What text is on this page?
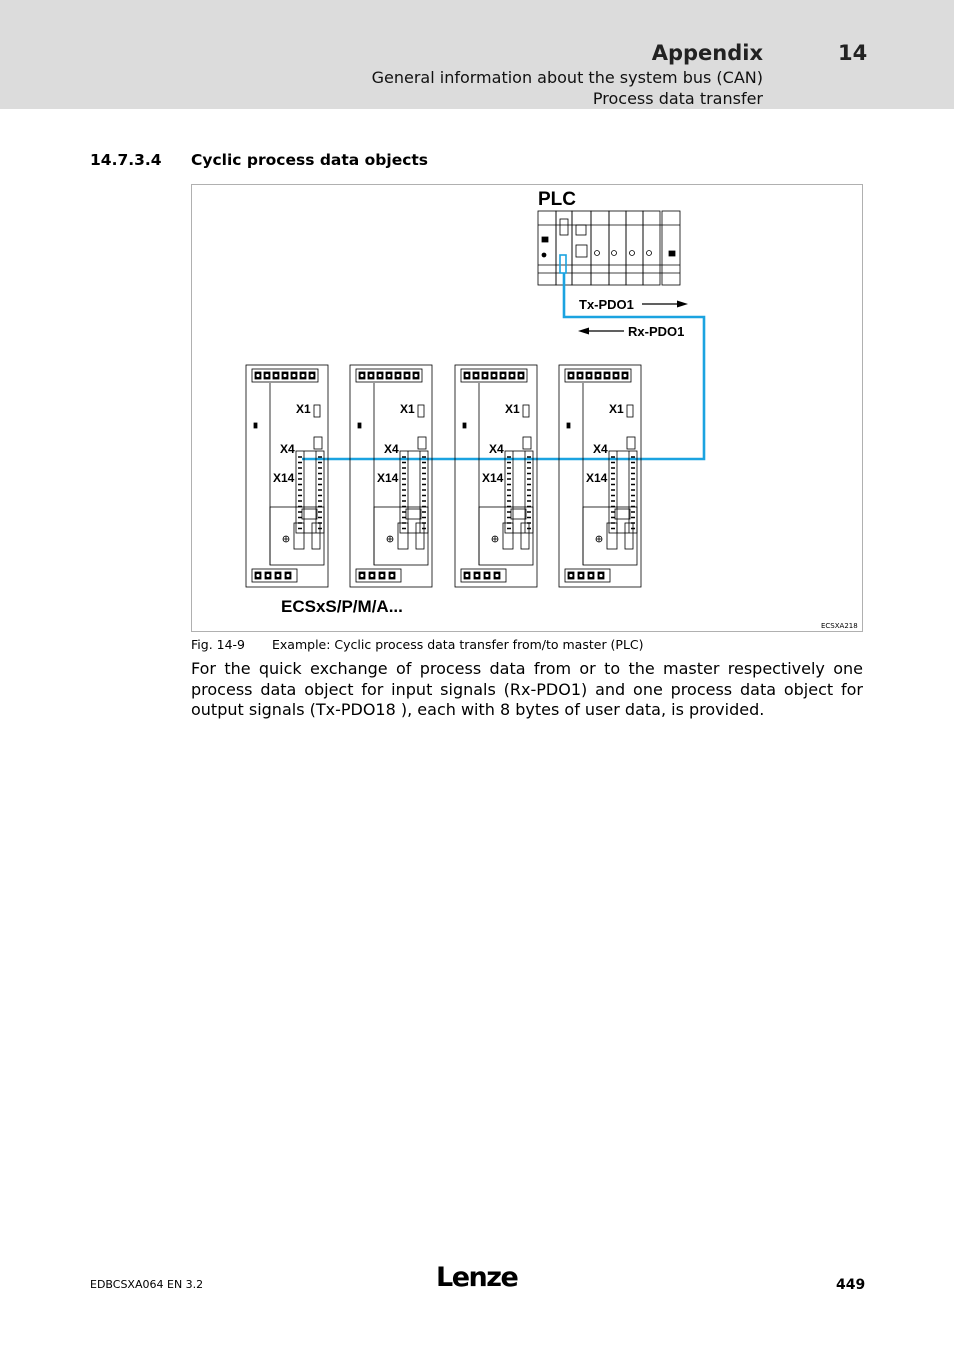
Appendix	14
General information about the system bus (CAN)
Process data transfer
14.7.3.4 Cyclic process data objects
PLC
Tx-PDO1
Rx-PDO1
X1
X4
X14
X1
X4
X14
X1
X4
X14
X1
X4
X14
ECSxS/P/M/A...
ECSXA218
Fig. 14-9 Example: Cyclic process data transfer from/to master (PLC)
For the quick exchange of process data from or to the master respectively one process data object for input signals (Rx-PDO1) and one process data object for output signals (Tx-PDO18 ), each with 8 bytes of user data, is provided.
EDBCSXA064 EN 3.2	Lenze	449
